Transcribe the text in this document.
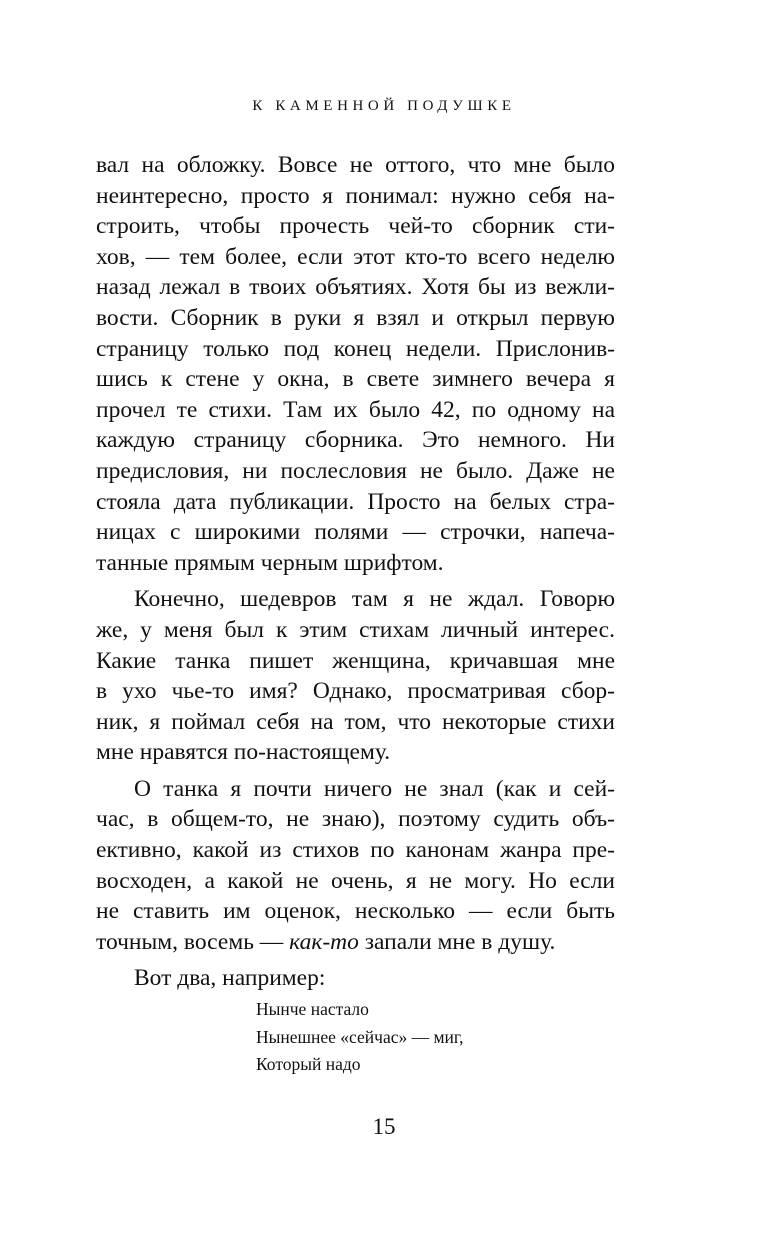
К КАМЕННОЙ ПОДУШКЕ

вал на обложку. Вовсе не оттого, что мне было
неинтересно, просто я понимал: нужно себя на-
строить, чтобы прочесть чей-то сборник сти-
хов, — тем более, если этот кто-то всего неделю
назад лежал в твоих объятиях. Хотя бы из вежли-
вости. Сборник в руки я взял и открыл первую
страницу только под конец недели. Прислонив-
шись к стене у окна, в свете зимнего вечера я
прочел те стихи. Там их было 42, по одному на
каждую страницу сборника. Это немного. Ни
предисловия, ни послесловия не было. Даже не
стояла дата публикации. Просто на белых стра-
ницах с широкими полями — строчки, напеча-
танные прямым черным шрифтом.

Конечно, шедевров там я не ждал. Говорю
же, у меня был к этим стихам личный интерес.
Какие танка пишет женщина, кричавшая мне
в ухо чье-то имя? Однако, просматривая сбор-
ник, я поймал себя на том, что некоторые стихи
мне нравятся по-настоящему.

О танка я почти ничего не знал (как и сей-
час, в общем-то, не знаю), поэтому судить объ-
ективно, какой из стихов по канонам жанра пре-
восходен, а какой не очень, я не могу. Но если
не ставить им оценок, несколько — если быть
точным, восемь — как-то запали мне в душу.

Вот два, например:

Нынче настало
Нынешнее «сейчас» — миг,
Который надо
15
